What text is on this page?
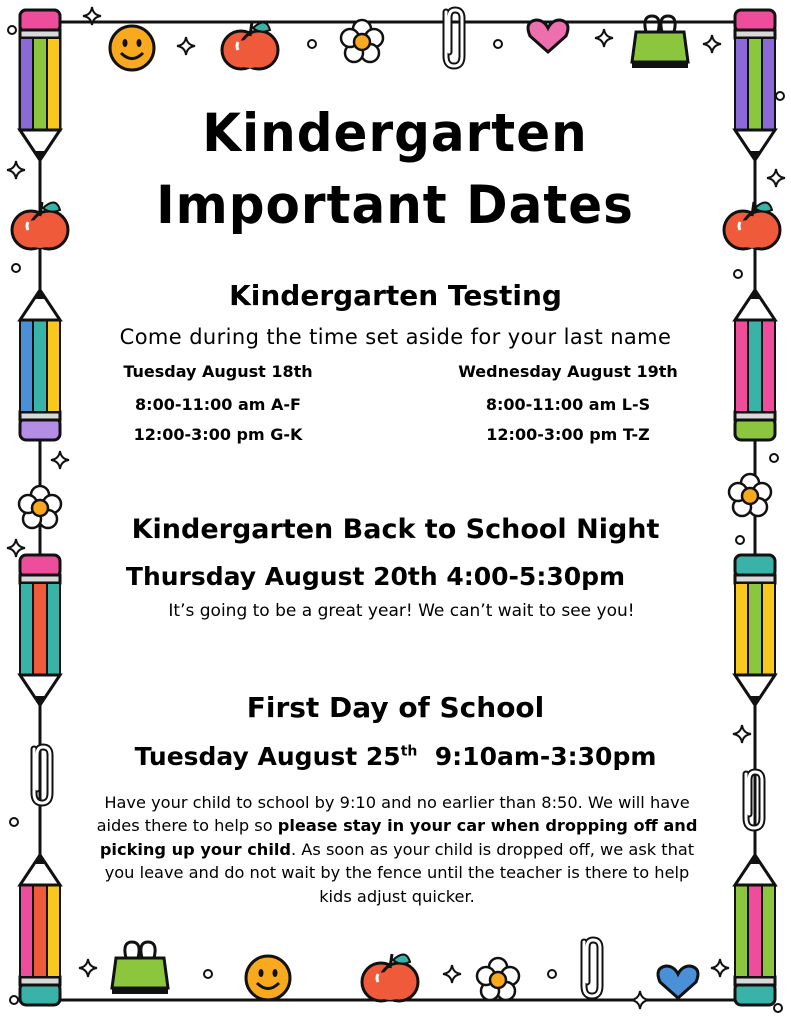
Kindergarten
Important Dates
Kindergarten Testing
Come during the time set aside for your last name
Tuesday August 18th
8:00-11:00 am A-F
12:00-3:00 pm G-K
Wednesday August 19th
8:00-11:00 am L-S
12:00-3:00 pm T-Z
Kindergarten Back to School Night
Thursday August 20th 4:00-5:30pm
It’s going to be a great year! We can’t wait to see you!
First Day of School
Tuesday August 25th  9:10am-3:30pm
Have your child to school by 9:10 and no earlier than 8:50. We will have aides there to help so please stay in your car when dropping off and picking up your child. As soon as your child is dropped off, we ask that you leave and do not wait by the fence until the teacher is there to help kids adjust quicker.
